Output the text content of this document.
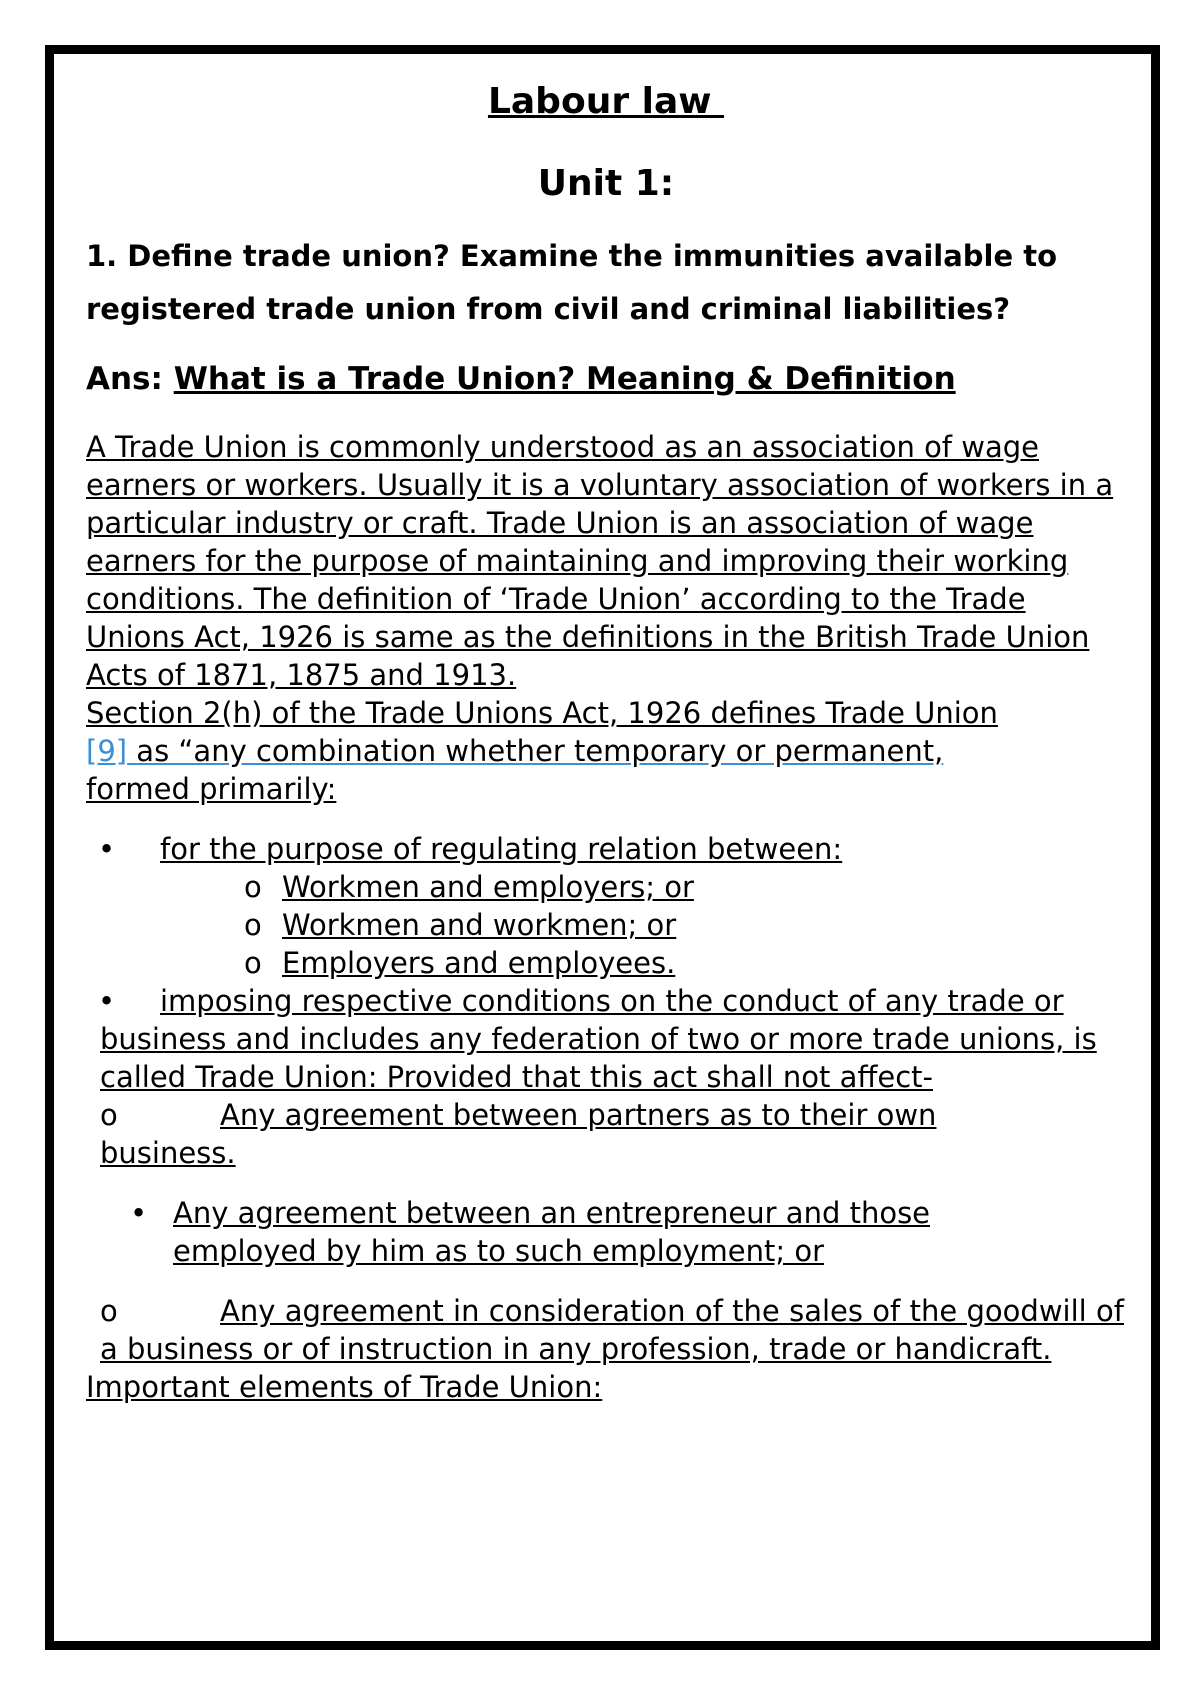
Labour law

Unit 1:

1. Define trade union? Examine the immunities available to registered trade union from civil and criminal liabilities?

Ans: What is a Trade Union? Meaning & Definition

A Trade Union is commonly understood as an association of wage earners or workers. Usually it is a voluntary association of workers in a particular industry or craft. Trade Union is an association of wage earners for the purpose of maintaining and improving their working conditions. The definition of ‘Trade Union’ according to the Trade Unions Act, 1926 is same as the definitions in the British Trade Union Acts of 1871, 1875 and 1913.

Section 2(h) of the Trade Unions Act, 1926 defines Trade Union
[9] as “any combination whether temporary or permanent,
formed primarily:

• for the purpose of regulating relation between:
o Workmen and employers; or
o Workmen and workmen; or
o Employers and employees.
•	imposing respective conditions on the conduct of any trade or business and includes any federation of two or more trade unions, is called Trade Union: Provided that this act shall not affect-
o	Any agreement between partners as to their own business.
• Any agreement between an entrepreneur and those employed by him as to such employment; or
o	Any agreement in consideration of the sales of the goodwill of a business or of instruction in any profession, trade or handicraft.

Important elements of Trade Union:
